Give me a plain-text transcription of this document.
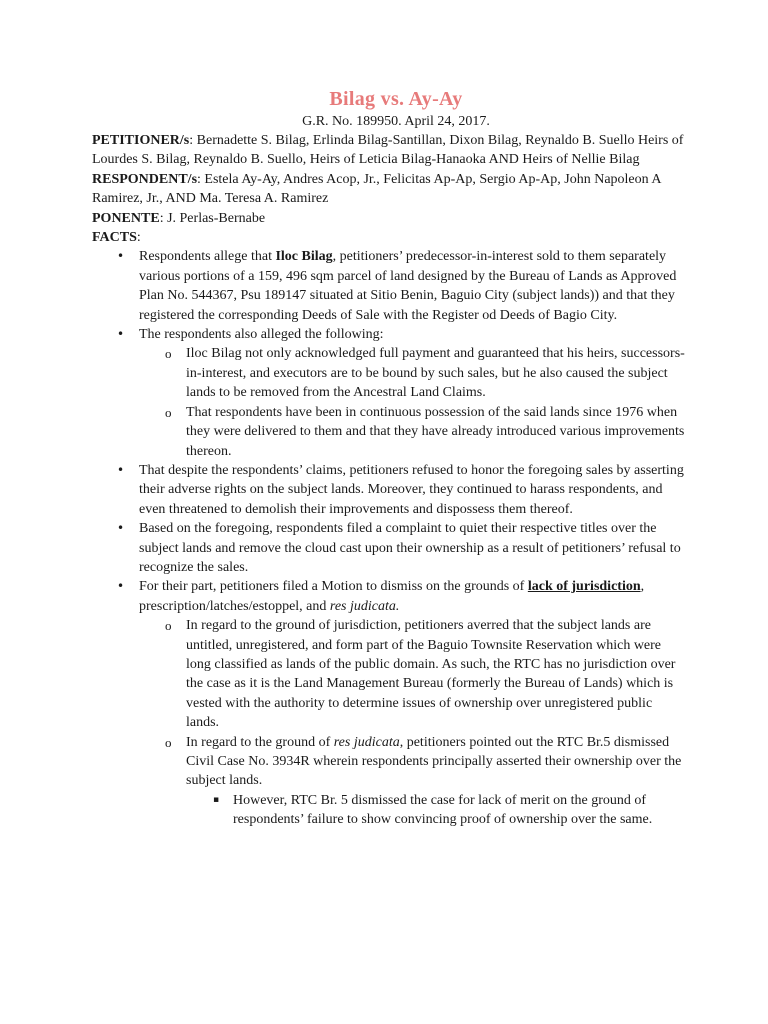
Bilag vs. Ay-Ay
G.R. No. 189950. April 24, 2017.

PETITIONER/s: Bernadette S. Bilag, Erlinda Bilag-Santillan, Dixon Bilag, Reynaldo B. Suello Heirs of Lourdes S. Bilag, Reynaldo B. Suello, Heirs of Leticia Bilag-Hanaoka AND Heirs of Nellie Bilag

RESPONDENT/s: Estela Ay-Ay, Andres Acop, Jr., Felicitas Ap-Ap, Sergio Ap-Ap, John Napoleon A Ramirez, Jr., AND Ma. Teresa A. Ramirez

PONENTE: J. Perlas-Bernabe

FACTS:

• Respondents allege that Iloc Bilag, petitioners’ predecessor-in-interest sold to them separately various portions of a 159, 496 sqm parcel of land designed by the Bureau of Lands as Approved Plan No. 544367, Psu 189147 situated at Sitio Benin, Baguio City (subject lands)) and that they registered the corresponding Deeds of Sale with the Register od Deeds of Bagio City.
• The respondents also alleged the following:
o Iloc Bilag not only acknowledged full payment and guaranteed that his heirs, successors-in-interest, and executors are to be bound by such sales, but he also caused the subject lands to be removed from the Ancestral Land Claims.
o That respondents have been in continuous possession of the said lands since 1976 when they were delivered to them and that they have already introduced various improvements thereon.
• That despite the respondents’ claims, petitioners refused to honor the foregoing sales by asserting their adverse rights on the subject lands. Moreover, they continued to harass respondents, and even threatened to demolish their improvements and dispossess them thereof.
• Based on the foregoing, respondents filed a complaint to quiet their respective titles over the subject lands and remove the cloud cast upon their ownership as a result of petitioners’ refusal to recognize the sales.
• For their part, petitioners filed a Motion to dismiss on the grounds of lack of jurisdiction, prescription/latches/estoppel, and res judicata.
o In regard to the ground of jurisdiction, petitioners averred that the subject lands are untitled, unregistered, and form part of the Baguio Townsite Reservation which were long classified as lands of the public domain. As such, the RTC has no jurisdiction over the case as it is the Land Management Bureau (formerly the Bureau of Lands) which is vested with the authority to determine issues of ownership over unregistered public lands.
o In regard to the ground of res judicata, petitioners pointed out the RTC Br.5 dismissed Civil Case No. 3934R wherein respondents principally asserted their ownership over the subject lands.
▪ However, RTC Br. 5 dismissed the case for lack of merit on the ground of respondents’ failure to show convincing proof of ownership over the same.
